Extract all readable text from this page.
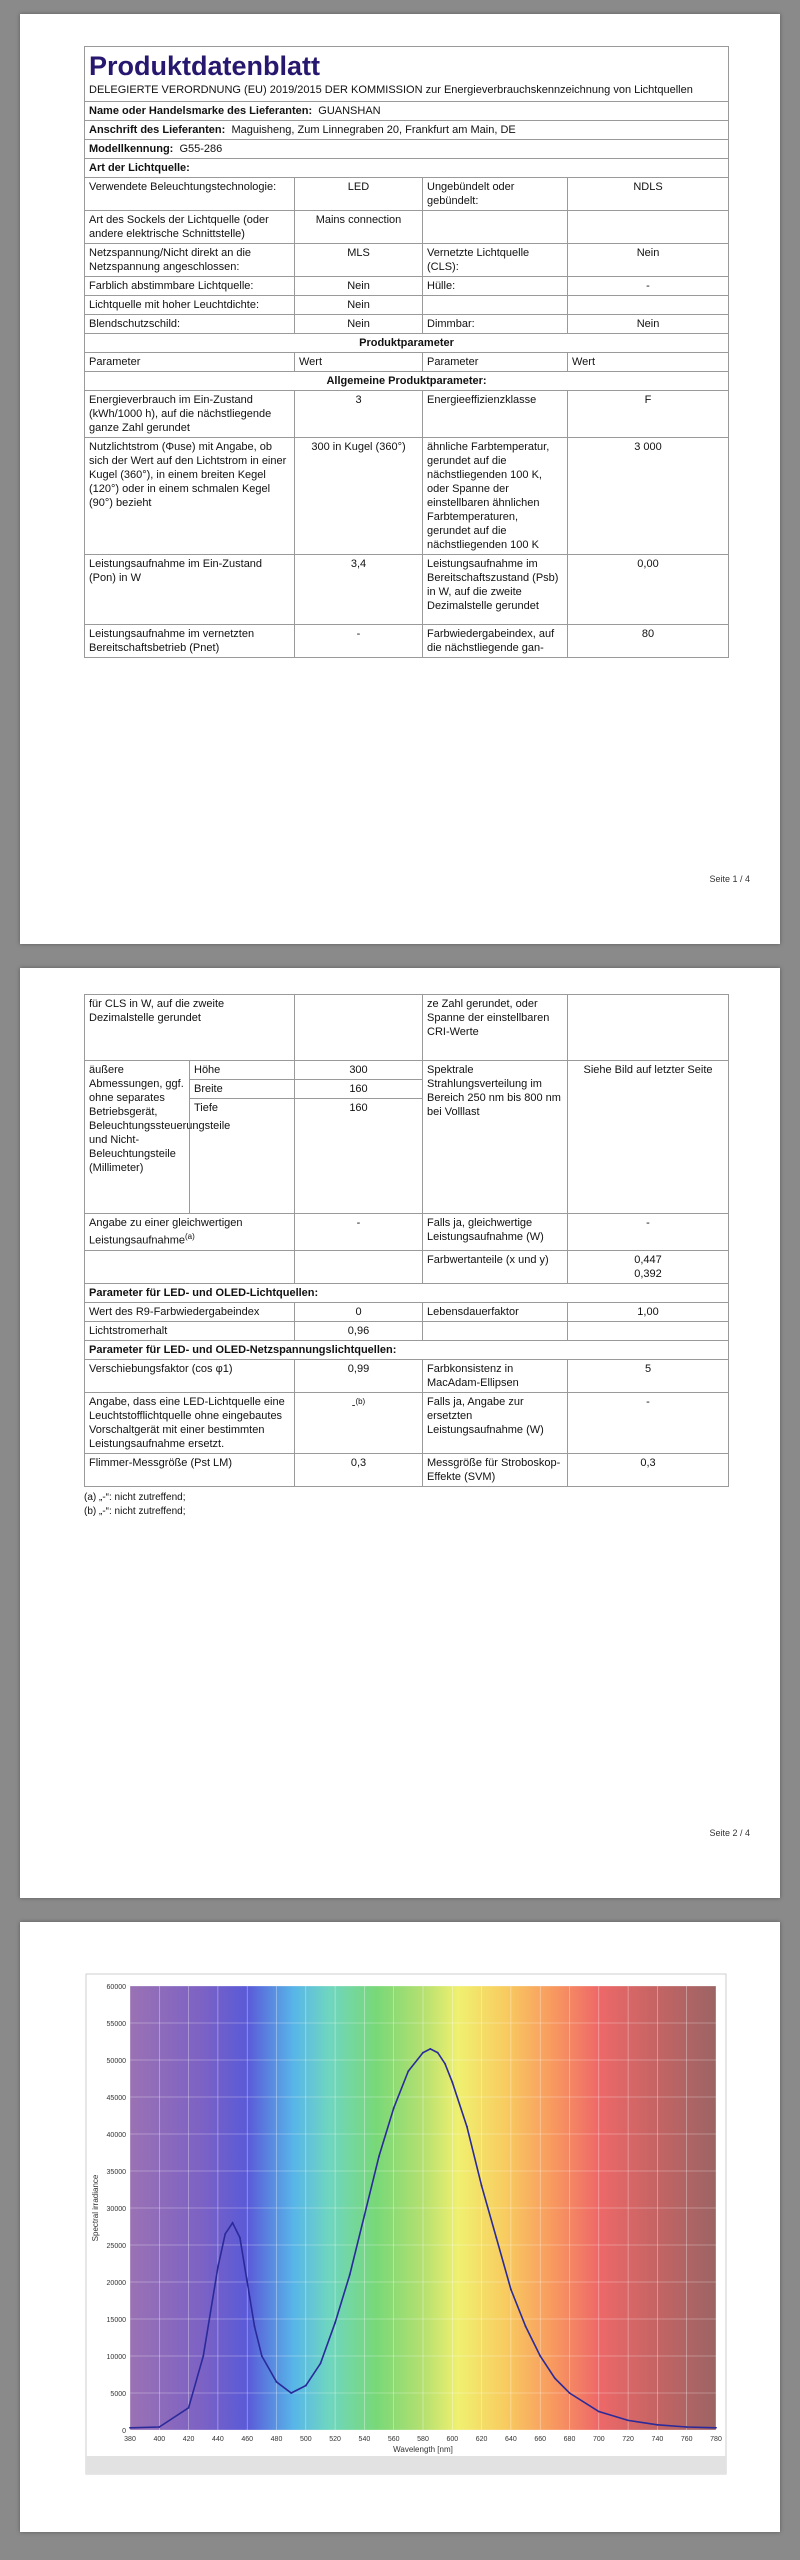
Produktdatenblatt
DELEGIERTE VERORDNUNG (EU) 2019/2015 DER KOMMISSION zur Energieverbrauchskennzeichnung von Lichtquellen			

Name oder Handelsmarke des Lieferanten: GUANSHAN			
Anschrift des Lieferanten: Maguisheng, Zum Linnegraben 20, Frankfurt am Main, DE			
Modellkennung: G55-286			
Art der Lichtquelle:			
Verwendete Beleuchtungstechnologie:	LED	Ungebündelt oder gebündelt:	NDLS
Art des Sockels der Lichtquelle (oder andere elektrische Schnittstelle)	Mains connection		
Netzspannung/Nicht direkt an die Netzspannung angeschlossen:	MLS	Vernetzte Lichtquelle (CLS):	Nein
Farblich abstimmbare Lichtquelle:	Nein	Hülle:	-
Lichtquelle mit hoher Leuchtdichte:	Nein		
Blendschutzschild:	Nein	Dimmbar:	Nein
Produktparameter			
Parameter	Wert	Parameter	Wert
Allgemeine Produktparameter:			
Energieverbrauch im Ein-Zustand (kWh/1000 h), auf die nächstliegende ganze Zahl gerundet	3	Energieeffizienzklasse	F
Nutzlichtstrom (Φuse) mit Angabe, ob sich der Wert auf den Lichtstrom in einer Kugel (360°), in einem breiten Kegel (120°) oder in einem schmalen Kegel (90°) bezieht	300 in Kugel (360°)	ähnliche Farbtemperatur, gerundet auf die nächstliegenden 100 K, oder Spanne der einstellbaren ähnlichen Farbtemperaturen, gerundet auf die nächstliegenden 100 K	3 000
Leistungsaufnahme im Ein-Zustand (Pon) in W	3,4	Leistungsaufnahme im Bereitschaftszustand (Psb) in W, auf die zweite Dezimalstelle gerundet	0,00
Leistungsaufnahme im vernetzten Bereitschaftsbetrieb (Pnet)	-	Farbwiedergabeindex, auf die nächstliegende gan-	80
Seite 1 / 4
für CLS in W, auf die zweite Dezimalstelle gerundet			ze Zahl gerundet, oder Spanne der einstellbaren CRI-Werte	
äußere Abmessungen, ggf. ohne separates Betriebsgerät, Beleuchtungssteuerungsteile und Nicht-Beleuchtungsteile (Millimeter)	Höhe	300	Spektrale Strahlungsverteilung im Bereich 250 nm bis 800 nm bei Volllast	Siehe Bild auf letzter Seite
	Breite	160		
	Tiefe	160		
Angabe zu einer gleichwertigen Leistungsaufnahme$^{(a)}$		-	Falls ja, gleichwertige Leistungsaufnahme (W)	-
			Farbwertanteile (x und y)	0,447
0,392

Parameter für LED- und OLED-Lichtquellen:				
Wert des R9-Farbwiedergabeindex		0	Lebensdauerfaktor	1,00
Lichtstromerhalt		0,96		
Parameter für LED- und OLED-Netzspannungslichtquellen:				
Verschiebungsfaktor (cos φ1)		0,99	Farbkonsistenz in MacAdam-Ellipsen	5
Angabe, dass eine LED-Lichtquelle eine Leuchtstofflichtquelle ohne eingebautes Vorschaltgerät mit einer bestimmten Leistungsaufnahme ersetzt.		-$^{(b)}$	Falls ja, Angabe zur ersetzten Leistungsaufnahme (W)	-
Flimmer-Messgröße (Pst LM)		0,3	Messgröße für Stroboskop-Effekte (SVM)	0,3
(a) „-“: nicht zutreffend;
(b) „-“: nicht zutreffend;
Seite 2 / 4
0
5000
10000
15000
20000
25000
30000
35000
40000
45000
50000
55000
60000
380	400	420	440	460	480	500	520	540	560	580	600	620	640	660	680	700	720	740	760	780
Wavelength [nm]
Spectral irradiance
